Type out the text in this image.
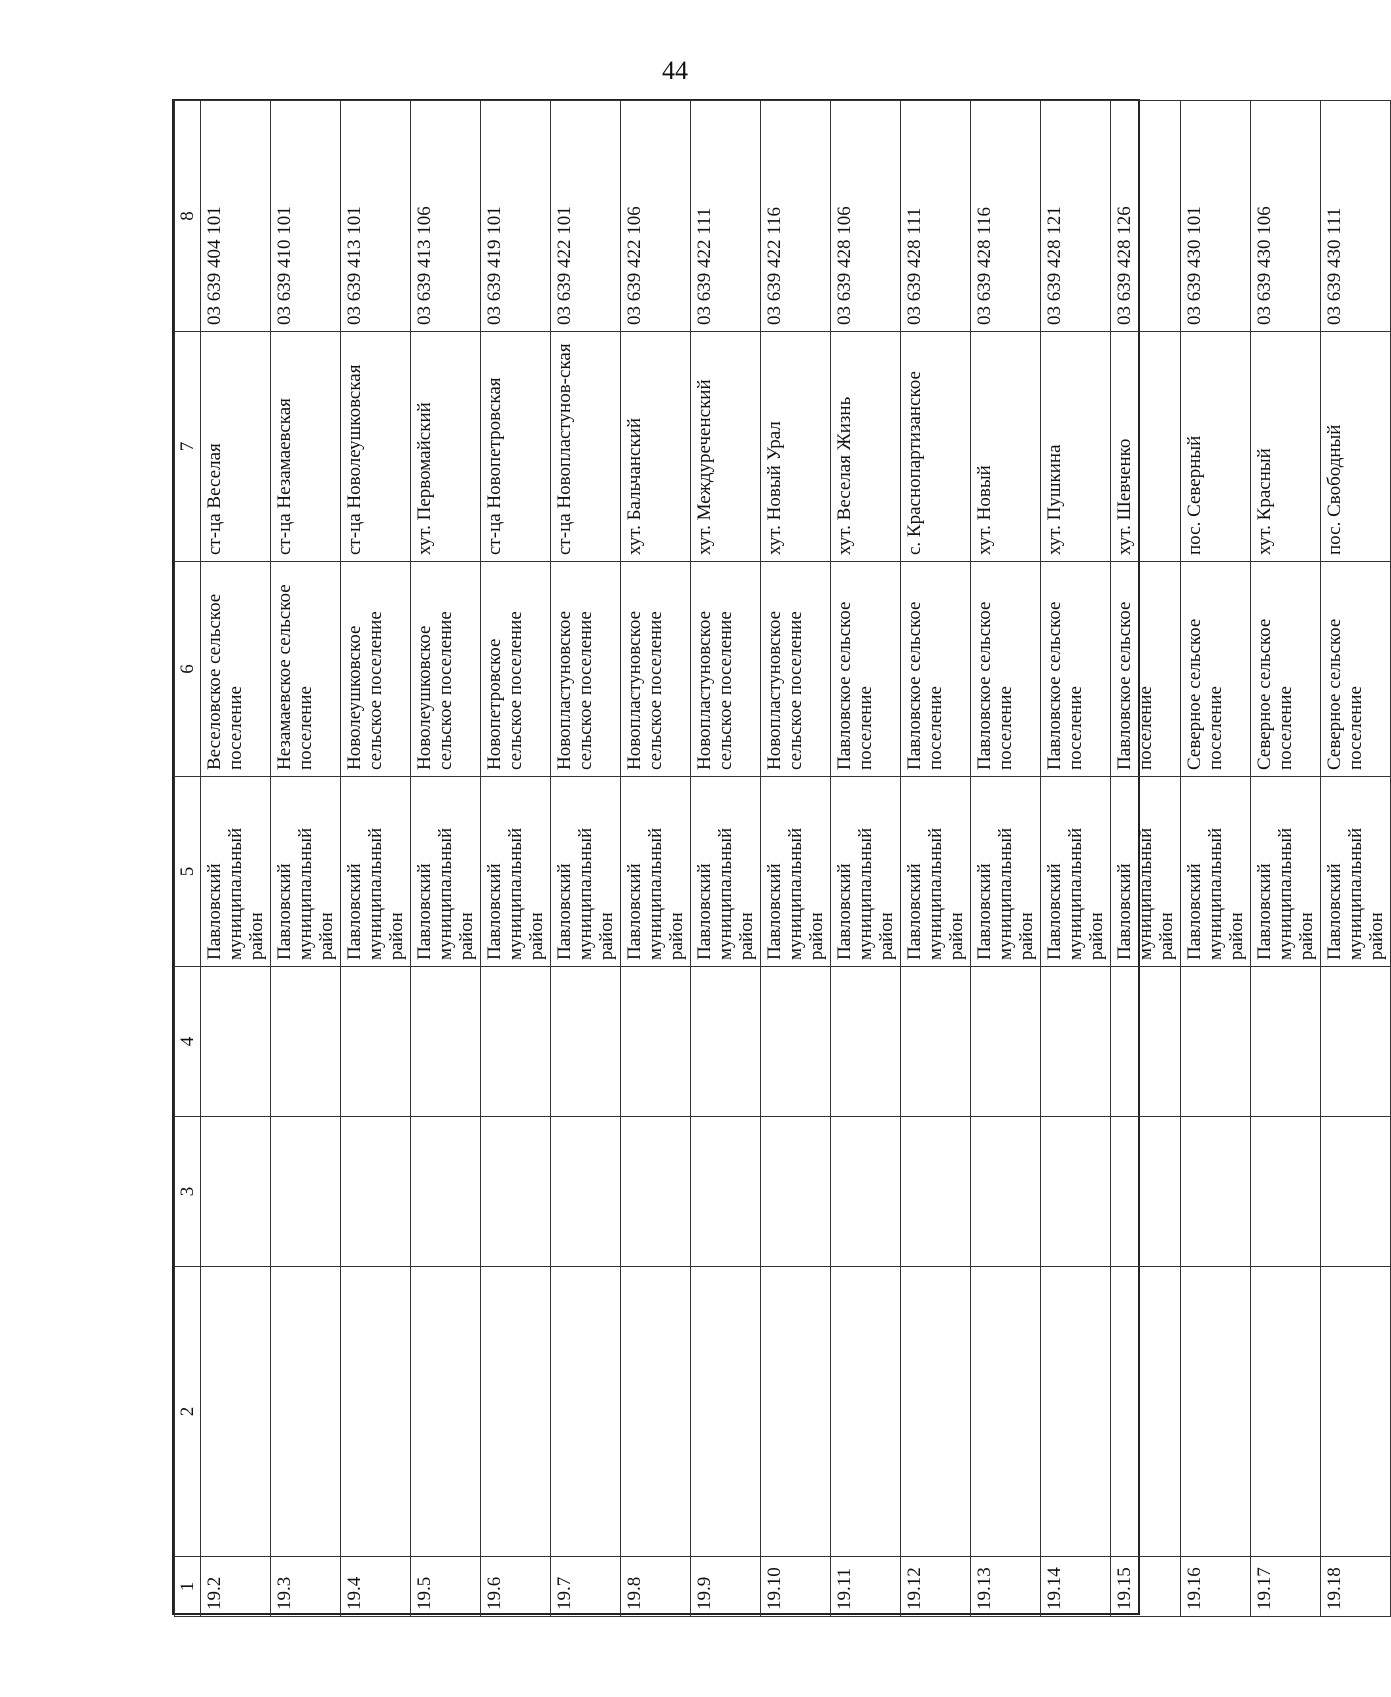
44
1	2	3	4	5	6	7	8
19.2				Павловский муниципальный район	Веселовское сельское поселение	ст-ца Веселая	03 639 404 101
19.3				Павловский муниципальный район	Незамаевское сельское поселение	ст-ца Незамаевская	03 639 410 101
19.4				Павловский муниципальный район	Новолеушковское сельское поселение	ст-ца Новолеушковская	03 639 413 101
19.5				Павловский муниципальный район	Новолеушковское сельское поселение	хут. Первомайский	03 639 413 106
19.6				Павловский муниципальный район	Новопетровское сельское поселение	ст-ца Новопетровская	03 639 419 101
19.7				Павловский муниципальный район	Новопластуновское сельское поселение	ст-ца Новопластунов-ская	03 639 422 101
19.8				Павловский муниципальный район	Новопластуновское сельское поселение	хут. Бальчанский	03 639 422 106
19.9				Павловский муниципальный район	Новопластуновское сельское поселение	хут. Междуреченский	03 639 422 111
19.10				Павловский муниципальный район	Новопластуновское сельское поселение	хут. Новый Урал	03 639 422 116
19.11				Павловский муниципальный район	Павловское сельское поселение	хут. Веселая Жизнь	03 639 428 106
19.12				Павловский муниципальный район	Павловское сельское поселение	с. Краснопартизанское	03 639 428 111
19.13				Павловский муниципальный район	Павловское сельское поселение	хут. Новый	03 639 428 116
19.14				Павловский муниципальный район	Павловское сельское поселение	хут. Пушкина	03 639 428 121
19.15				Павловский муниципальный район	Павловское сельское поселение	хут. Шевченко	03 639 428 126
19.16				Павловский муниципальный район	Северное сельское поселение	пос. Северный	03 639 430 101
19.17				Павловский муниципальный район	Северное сельское поселение	хут. Красный	03 639 430 106
19.18				Павловский муниципальный район	Северное сельское поселение	пос. Свободный	03 639 430 111
